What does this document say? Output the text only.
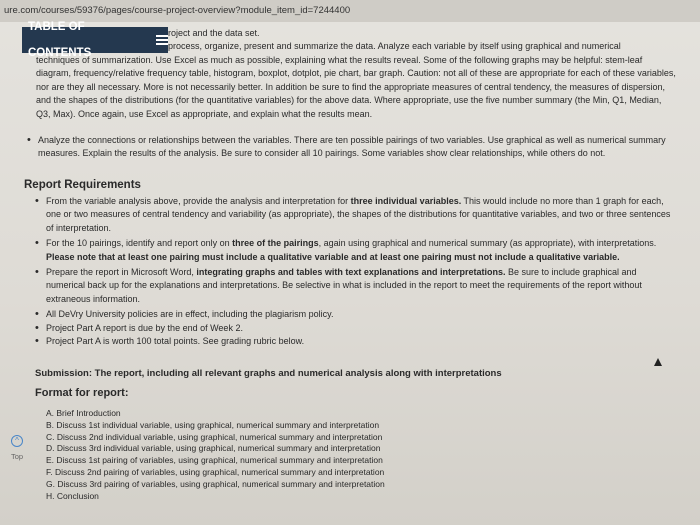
ure.com/courses/59376/pages/course-project-overview?module_item_id=7244400
roject and the data set.
process, organize, present and summarize the data. Analyze each variable by itself using graphical and numerical
techniques of summarization. Use Excel as much as possible, explaining what the results reveal. Some of the following graphs may be helpful: stem-leaf diagram, frequency/relative frequency table, histogram, boxplot, dotplot, pie chart, bar graph. Caution: not all of these are appropriate for each of these variables, nor are they all necessary. More is not necessarily better. In addition be sure to find the appropriate measures of central tendency, the measures of dispersion, and the shapes of the distributions (for the quantitative variables) for the above data. Where appropriate, use the five number summary (the Min, Q1, Median, Q3, Max). Once again, use Excel as appropriate, and explain what the results mean.
• Analyze the connections or relationships between the variables. There are ten possible pairings of two variables. Use graphical as well as numerical summary measures. Explain the results of the analysis. Be sure to consider all 10 pairings. Some variables show clear relationships, while others do not.
Report Requirements
• From the variable analysis above, provide the analysis and interpretation for three individual variables. This would include no more than 1 graph for each, one or two measures of central tendency and variability (as appropriate), the shapes of the distributions for quantitative variables, and two or three sentences of interpretation.
• For the 10 pairings, identify and report only on three of the pairings, again using graphical and numerical summary (as appropriate), with interpretations. Please note that at least one pairing must include a qualitative variable and at least one pairing must not include a qualitative variable.
• Prepare the report in Microsoft Word, integrating graphs and tables with text explanations and interpretations. Be sure to include graphical and numerical back up for the explanations and interpretations. Be selective in what is included in the report to meet the requirements of the report without extraneous information.
• All DeVry University policies are in effect, including the plagiarism policy.
• Project Part A report is due by the end of Week 2.
• Project Part A is worth 100 total points. See grading rubric below.
Submission: The report, including all relevant graphs and numerical analysis along with interpretations
Format for report:
A. Brief Introduction
B. Discuss 1st individual variable, using graphical, numerical summary and interpretation
C. Discuss 2nd individual variable, using graphical, numerical summary and interpretation
D. Discuss 3rd individual variable, using graphical, numerical summary and interpretation
E. Discuss 1st pairing of variables, using graphical, numerical summary and interpretation
F. Discuss 2nd pairing of variables, using graphical, numerical summary and interpretation
G. Discuss 3rd pairing of variables, using graphical, numerical summary and interpretation
H. Conclusion
^
Top
TABLE OF CONTENTS
